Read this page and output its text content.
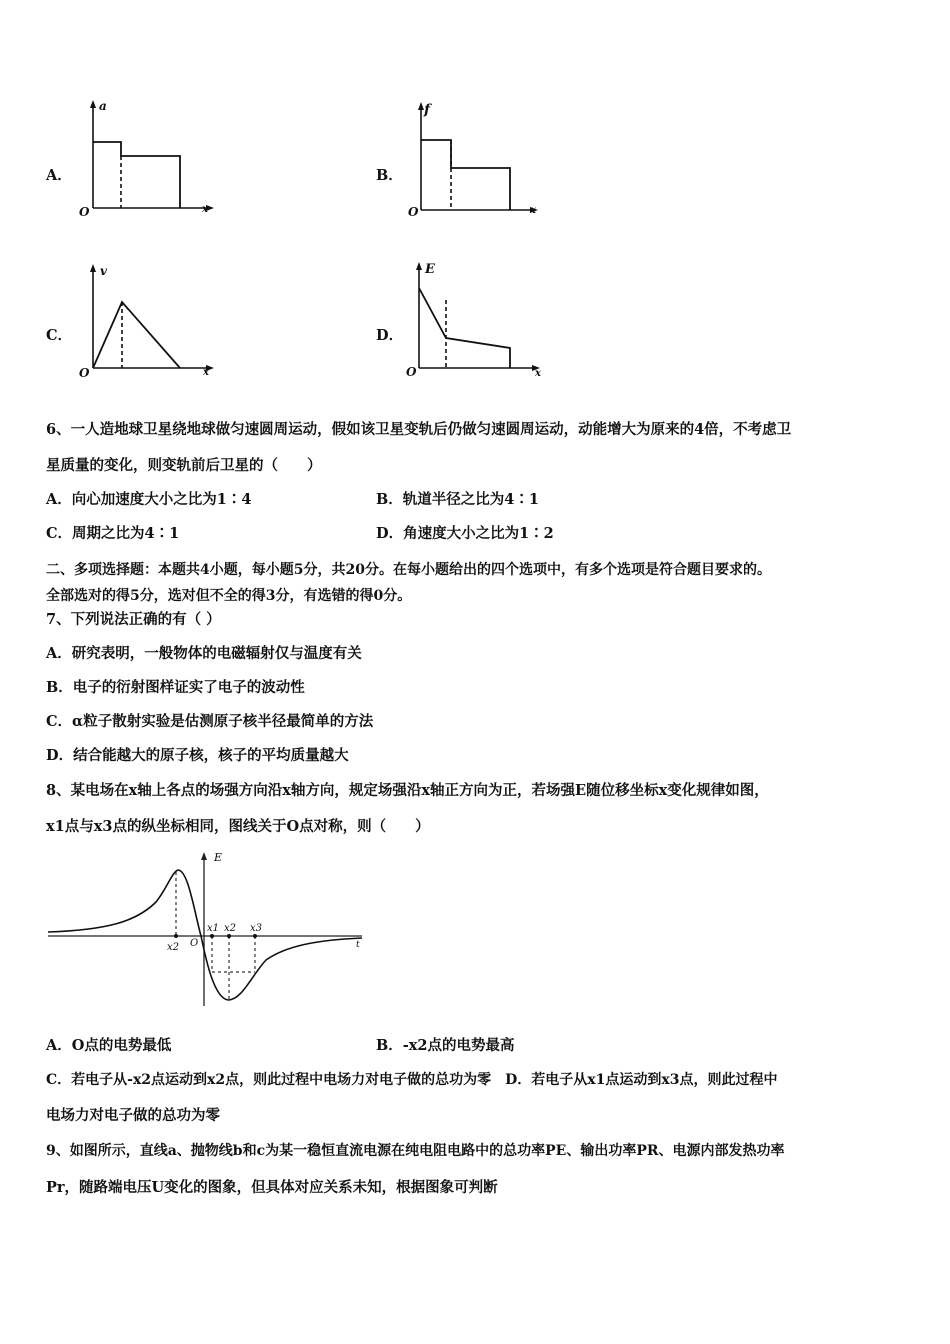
A．	B．
C．	D．
a
O	x
f
O	x
v
O	x
E
O	x
6、一人造地球卫星绕地球做匀速圆周运动，假如该卫星变轨后仍做匀速圆周运动，动能增大为原来的4倍，不考虑卫
星质量的变化，则变轨前后卫星的（　　）
A．向心加速度大小之比为1∶4	B．轨道半径之比为4∶1
C．周期之比为4∶1	D．角速度大小之比为1∶2
二、多项选择题：本题共4小题，每小题5分，共20分。在每小题给出的四个选项中，有多个选项是符合题目要求的。
全部选对的得5分，选对但不全的得3分，有选错的得0分。
7、下列说法正确的有（ ）
A．研究表明，一般物体的电磁辐射仅与温度有关
B．电子的衍射图样证实了电子的波动性
C．α粒子散射实验是估测原子核半径最简单的方法
D．结合能越大的原子核，核子的平均质量越大
8、某电场在x轴上各点的场强方向沿x轴方向，规定场强沿x轴正方向为正，若场强E随位移坐标x变化规律如图，
x1点与x3点的纵坐标相同，图线关于O点对称，则（　　）
E
O	t
x2
x1 x2 x3
A．O点的电势最低	B．-x2点的电势最高
C．若电子从-x2点运动到x2点，则此过程中电场力对电子做的总功为零　D．若电子从x1点运动到x3点，则此过程中
电场力对电子做的总功为零
9、如图所示，直线a、抛物线b和c为某一稳恒直流电源在纯电阻电路中的总功率PE、输出功率PR、电源内部发热功率
Pr，随路端电压U变化的图象，但具体对应关系未知，根据图象可判断
